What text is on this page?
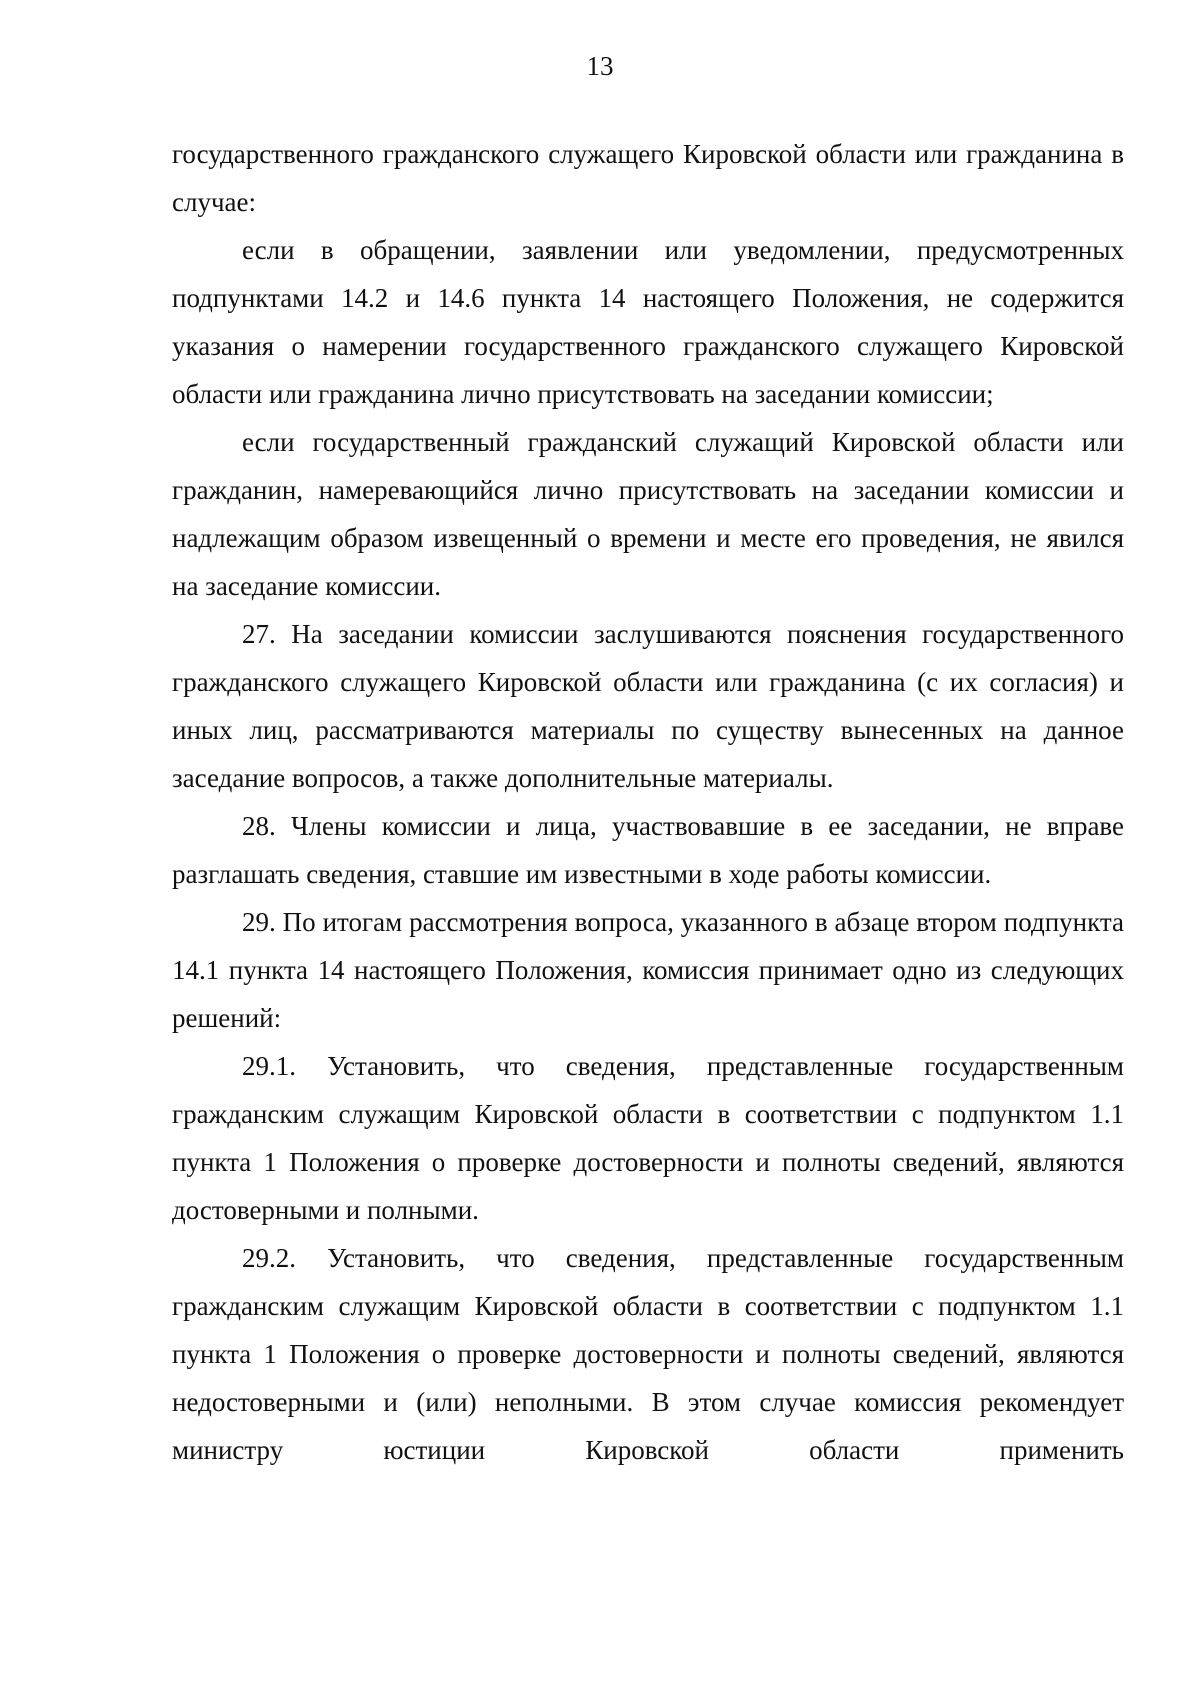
13

государственного гражданского служащего Кировской области или гражданина в случае:

если в обращении, заявлении или уведомлении, предусмотренных подпунктами 14.2 и 14.6 пункта 14 настоящего Положения, не содержится указания о намерении государственного гражданского служащего Кировской области или гражданина лично присутствовать на заседании комиссии;

если государственный гражданский служащий Кировской области или гражданин, намеревающийся лично присутствовать на заседании комиссии и надлежащим образом извещенный о времени и месте его проведения, не явился на заседание комиссии.

27. На заседании комиссии заслушиваются пояснения государственного гражданского служащего Кировской области или гражданина (с их согласия) и иных лиц, рассматриваются материалы по существу вынесенных на данное заседание вопросов, а также дополнительные материалы.

28. Члены комиссии и лица, участвовавшие в ее заседании, не вправе разглашать сведения, ставшие им известными в ходе работы комиссии.

29. По итогам рассмотрения вопроса, указанного в абзаце втором подпункта 14.1 пункта 14 настоящего Положения, комиссия принимает одно из следующих решений:

29.1. Установить, что сведения, представленные государственным гражданским служащим Кировской области в соответствии с подпунктом 1.1 пункта 1 Положения о проверке достоверности и полноты сведений, являются достоверными и полными.

29.2. Установить, что сведения, представленные государственным гражданским служащим Кировской области в соответствии с подпунктом 1.1 пункта 1 Положения о проверке достоверности и полноты сведений, являются недостоверными и (или) неполными. В этом случае комиссия рекомендует министру юстиции Кировской области применить
